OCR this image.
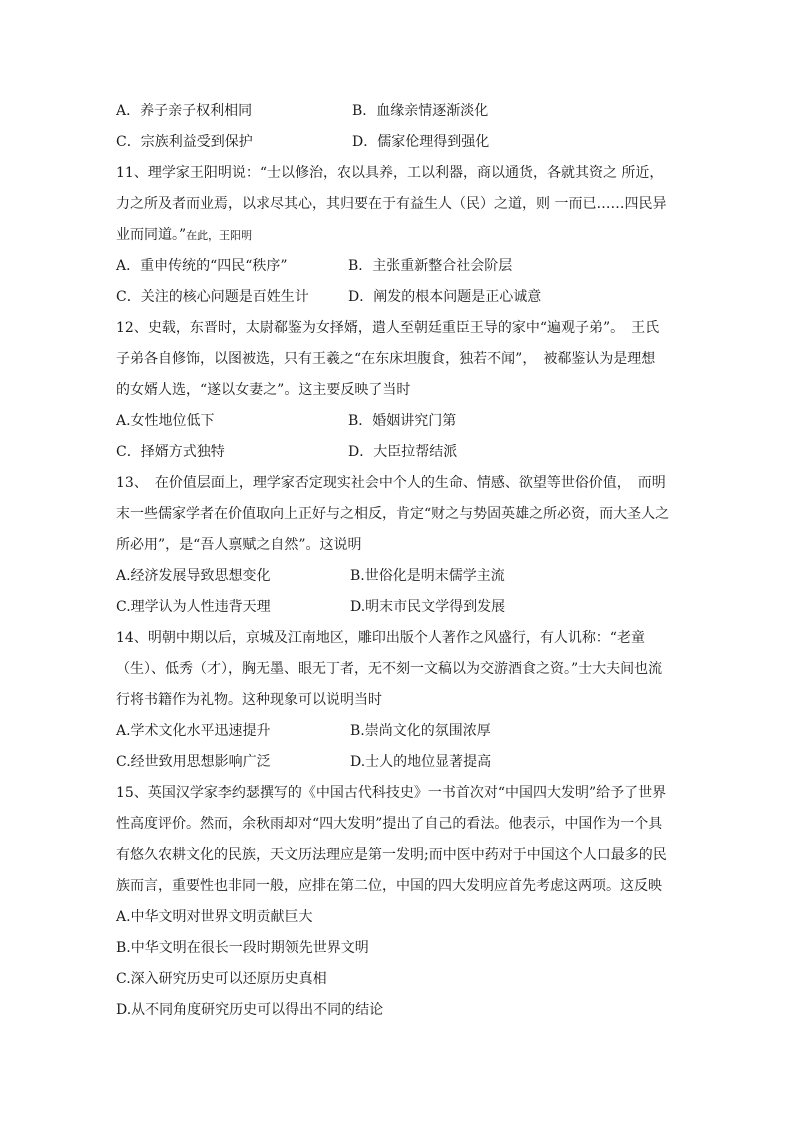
A．养子亲子权利相同	B．血缘亲情逐渐淡化
C．宗族利益受到保护	D．儒家伦理得到强化
11、理学家王阳明说：“士以修治，农以具养，工以利器，商以通货，各就其资之 所近，
力之所及者而业焉，以求尽其心，其归要在于有益生人（民）之道，则 一而已……四民异
业而同道。”在此，王阳明
A．重申传统的“四民“秩序”	B．主张重新整合社会阶层
C．关注的核心问题是百姓生计	D．阐发的根本问题是正心诚意
12、史载，东晋时，太尉郗鉴为女择婿，遣人至朝廷重臣王导的家中“遍观子弟”。　王氏
子弟各自修饰，以图被选，只有王羲之“在东床坦腹食，独若不闻”，　被郗鉴认为是理想
的女婿人选，“遂以女妻之”。这主要反映了当时
A.女性地位低下	B．婚姻讲究门第
C．择婿方式独特	D．大臣拉帮结派
13、　在价值层面上，理学家否定现实社会中个人的生命、情感、欲望等世俗价值，　而明
末一些儒家学者在价值取向上正好与之相反，肯定“财之与势固英雄之所必资，而大圣人之
所必用”，是“吾人禀赋之自然”。这说明
A.经济发展导致思想变化	B.世俗化是明末儒学主流
C.理学认为人性违背天理	D.明末市民文学得到发展
14、明朝中期以后，京城及江南地区，雕印出版个人著作之风盛行，有人讥称：“老童
（生）、低秀（才），胸无墨、眼无丁者，无不刻一文稿以为交游酒食之资。”士大夫间也流
行将书籍作为礼物。这种现象可以说明当时
A.学术文化水平迅速提升	B.崇尚文化的氛围浓厚
C.经世致用思想影响广泛	D.士人的地位显著提高
15、英国汉学家李约瑟撰写的《中国古代科技史》一书首次对“中国四大发明”给予了世界
性高度评价。然而，余秋雨却对“四大发明”提出了自己的看法。他表示，中国作为一个具
有悠久农耕文化的民族，天文历法理应是第一发明;而中医中药对于中国这个人口最多的民
族而言，重要性也非同一般，应排在第二位，中国的四大发明应首先考虑这两项。这反映
A.中华文明对世界文明贡献巨大
B.中华文明在很长一段时期领先世界文明
C.深入研究历史可以还原历史真相
D.从不同角度研究历史可以得出不同的结论
